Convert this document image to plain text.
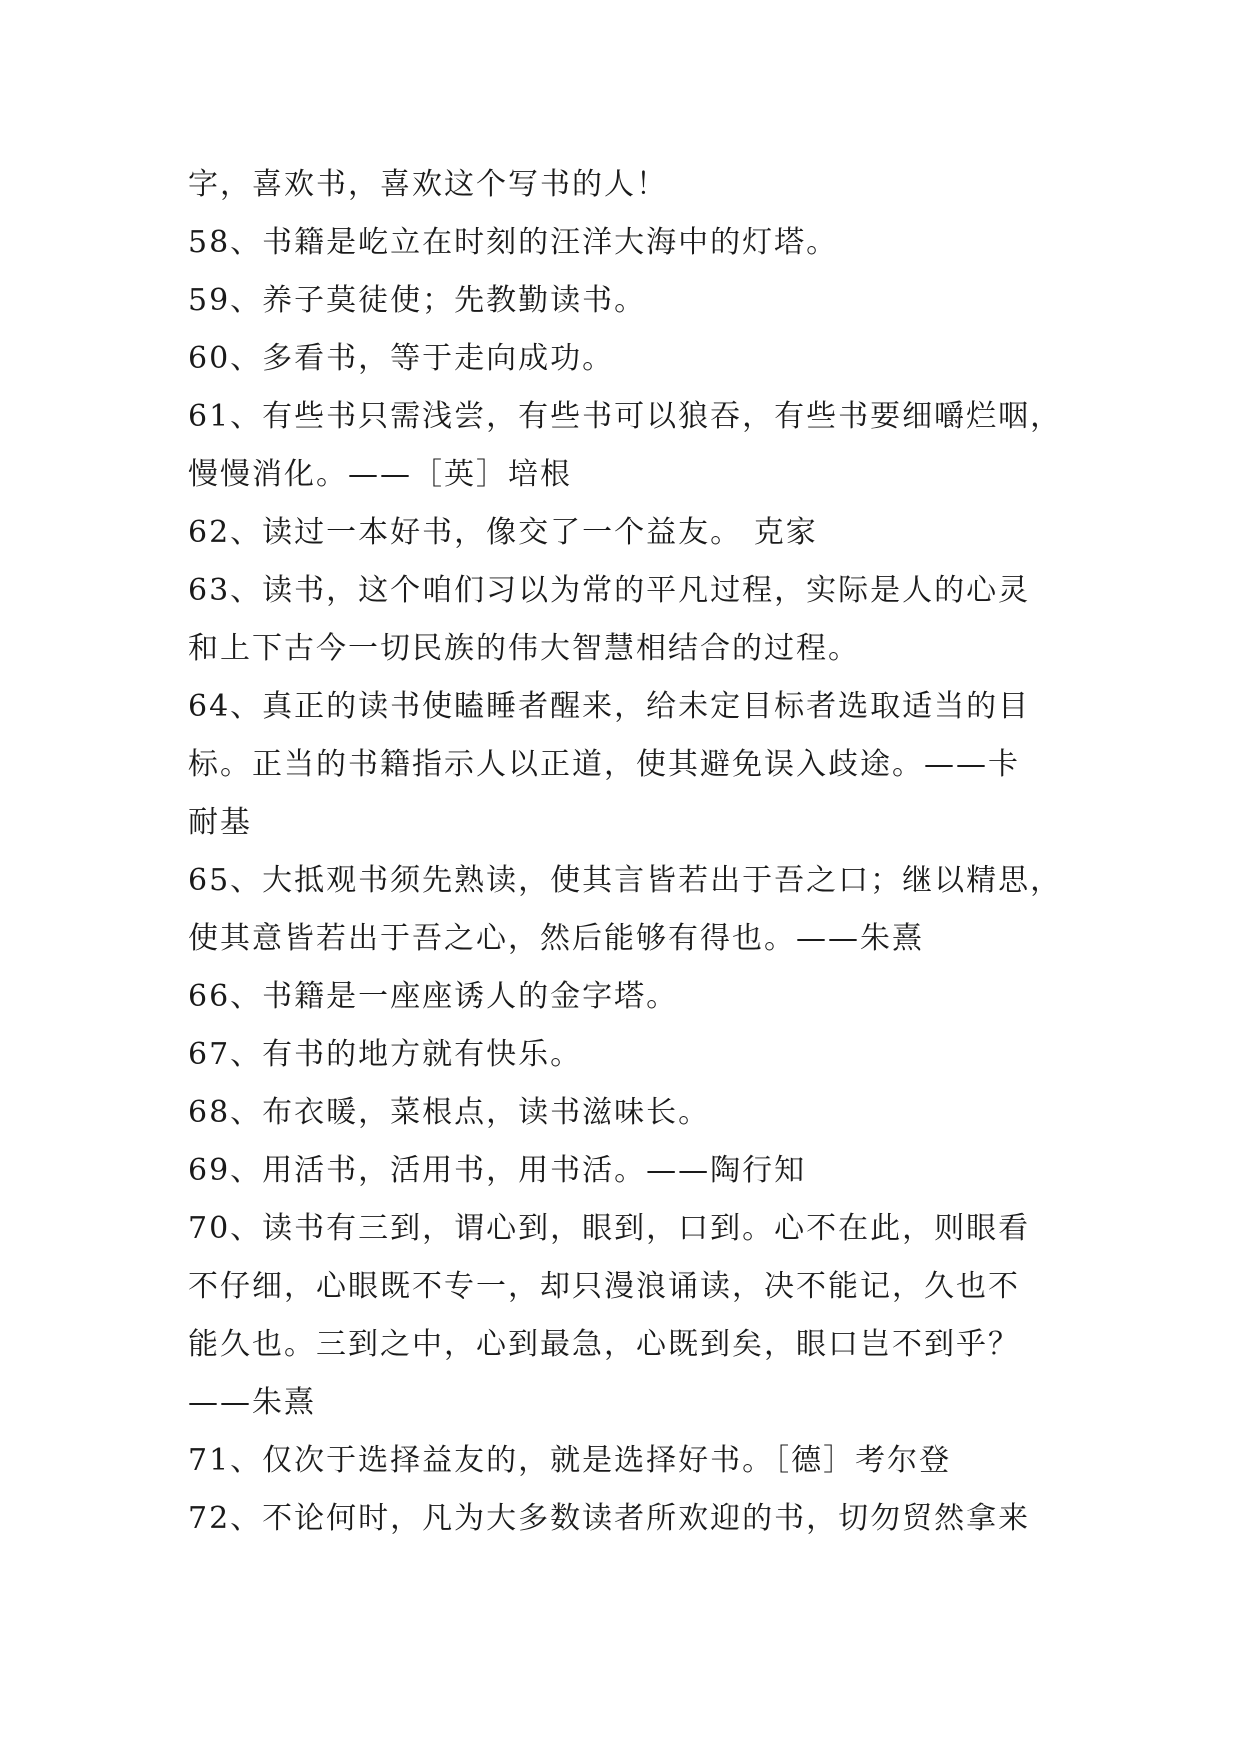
字，喜欢书，喜欢这个写书的人！
58、书籍是屹立在时刻的汪洋大海中的灯塔。
59、养子莫徒使；先教勤读书。
60、多看书，等于走向成功。
61、有些书只需浅尝，有些书可以狼吞，有些书要细嚼烂咽，
慢慢消化。——［英］培根
62、读过一本好书，像交了一个益友。 克家
63、读书，这个咱们习以为常的平凡过程，实际是人的心灵
和上下古今一切民族的伟大智慧相结合的过程。
64、真正的读书使瞌睡者醒来，给未定目标者选取适当的目
标。正当的书籍指示人以正道，使其避免误入歧途。——卡
耐基
65、大抵观书须先熟读，使其言皆若出于吾之口；继以精思，
使其意皆若出于吾之心，然后能够有得也。——朱熹
66、书籍是一座座诱人的金字塔。
67、有书的地方就有快乐。
68、布衣暖，菜根点，读书滋味长。
69、用活书，活用书，用书活。——陶行知
70、读书有三到，谓心到，眼到，口到。心不在此，则眼看
不仔细，心眼既不专一，却只漫浪诵读，决不能记，久也不
能久也。三到之中，心到最急，心既到矣，眼口岂不到乎？
——朱熹
71、仅次于选择益友的，就是选择好书。［德］考尔登
72、不论何时，凡为大多数读者所欢迎的书，切勿贸然拿来
